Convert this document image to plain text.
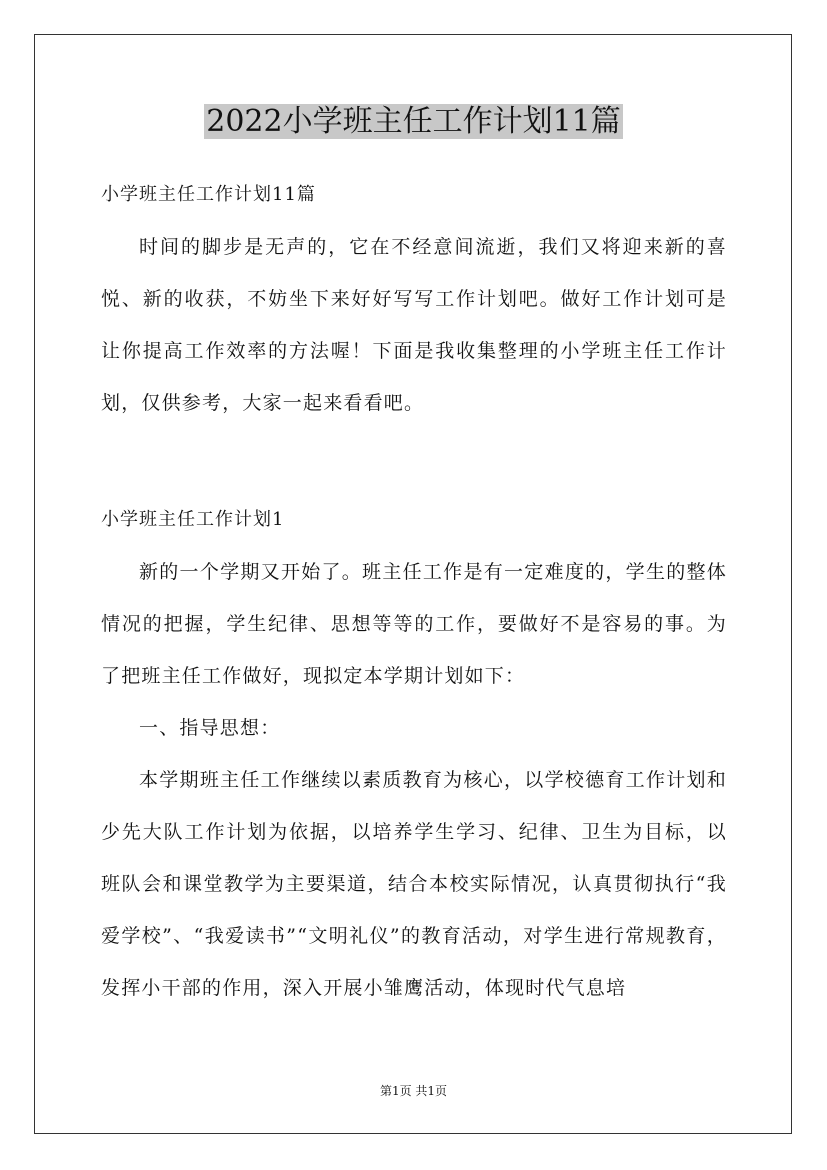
2022小学班主任工作计划11篇
小学班主任工作计划11篇

时间的脚步是无声的，它在不经意间流逝，我们又将迎来新的喜悦、新的收获，不妨坐下来好好写写工作计划吧。做好工作计划可是让你提高工作效率的方法喔！下面是我收集整理的小学班主任工作计划，仅供参考，大家一起来看看吧。

小学班主任工作计划1

新的一个学期又开始了。班主任工作是有一定难度的，学生的整体情况的把握，学生纪律、思想等等的工作，要做好不是容易的事。为了把班主任工作做好，现拟定本学期计划如下：

一、指导思想：

本学期班主任工作继续以素质教育为核心，以学校德育工作计划和少先大队工作计划为依据，以培养学生学习、纪律、卫生为目标，以班队会和课堂教学为主要渠道，结合本校实际情况，认真贯彻执行“我爱学校”、“我爱读书”“文明礼仪”的教育活动，对学生进行常规教育，发挥小干部的作用，深入开展小雏鹰活动，体现时代气息培

第1页 共1页
